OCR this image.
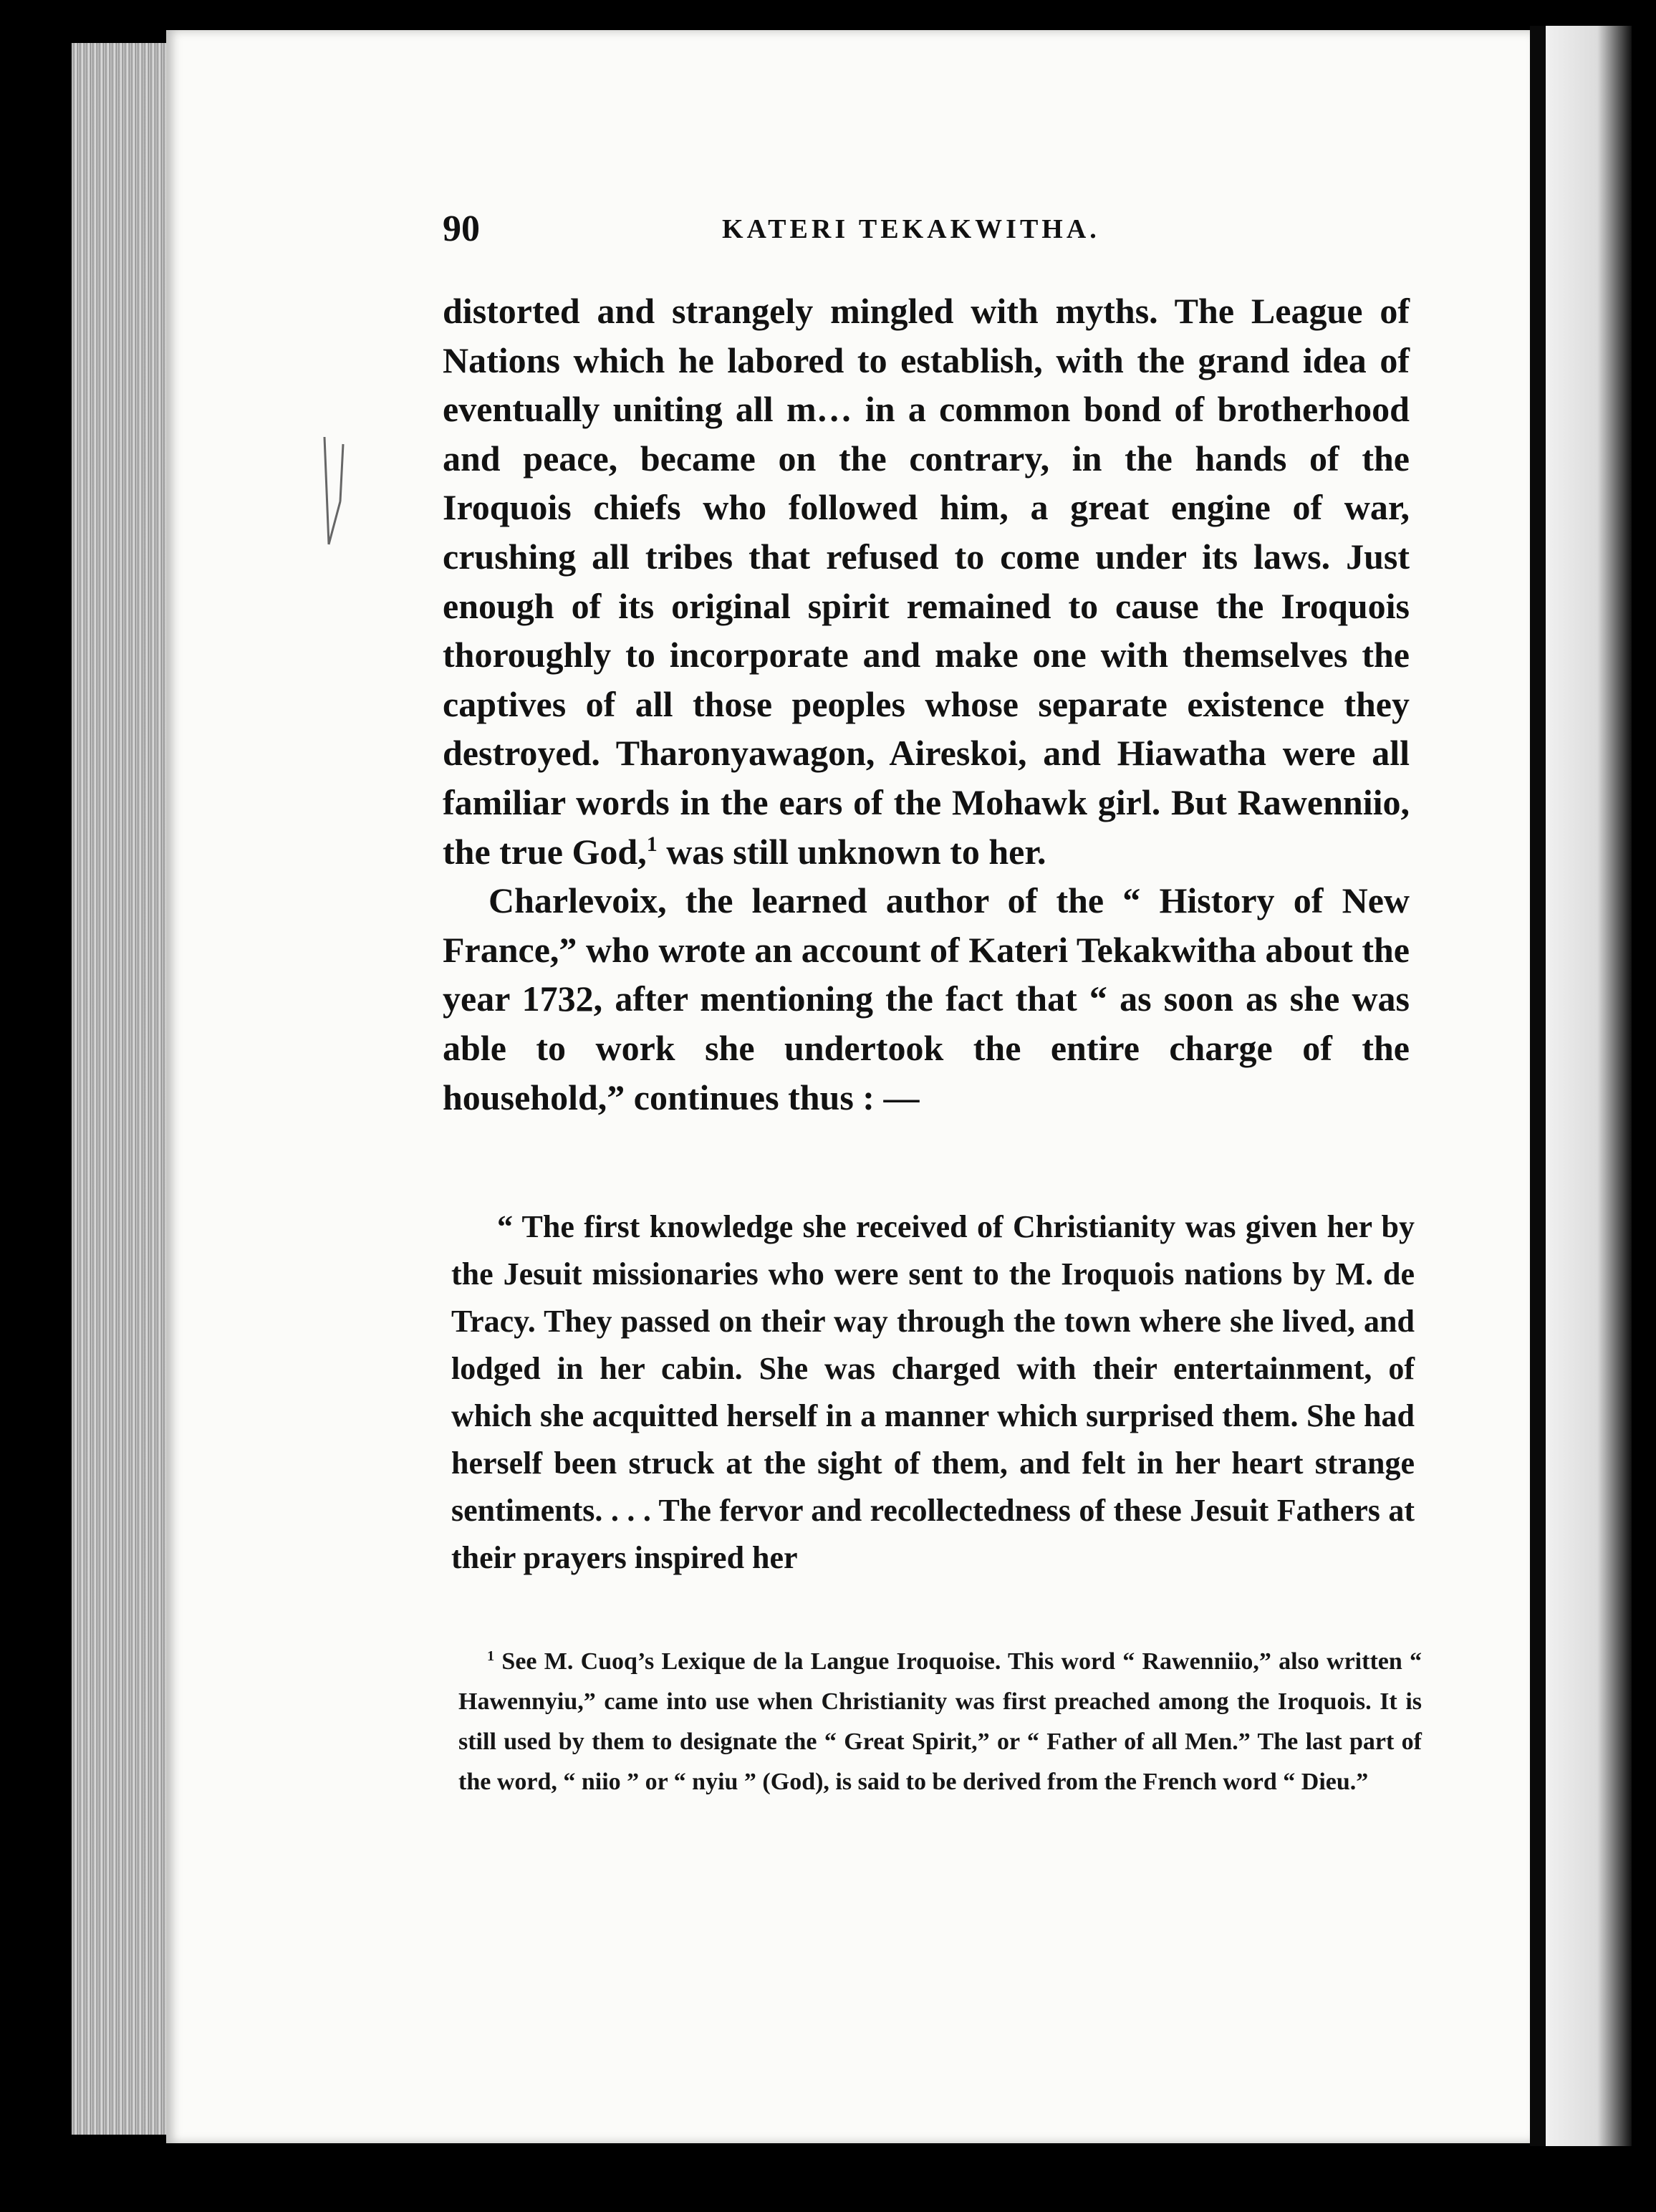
90	KATERI TEKAKWITHA.

distorted and strangely mingled with myths. The League of Nations which he labored to establish, with the grand idea of eventually uniting all m… in a common bond of brotherhood and peace, became on the contrary, in the hands of the Iroquois chiefs who followed him, a great engine of war, crushing all tribes that refused to come under its laws. Just enough of its original spirit remained to cause the Iroquois thoroughly to incorporate and make one with themselves the captives of all those peoples whose separate existence they destroyed. Tharonyawagon, Aireskoi, and Hiawatha were all familiar words in the ears of the Mohawk girl. But Rawenniio, the true God,$^1$ was still unknown to her.

Charlevoix, the learned author of the “ History of New France,” who wrote an account of Kateri Tekakwitha about the year 1732, after mentioning the fact that “ as soon as she was able to work she undertook the entire charge of the household,” continues thus : —

“ The first knowledge she received of Christianity was given her by the Jesuit missionaries who were sent to the Iroquois nations by M. de Tracy. They passed on their way through the town where she lived, and lodged in her cabin. She was charged with their entertainment, of which she acquitted herself in a manner which surprised them. She had herself been struck at the sight of them, and felt in her heart strange sentiments. . . . The fervor and recollectedness of these Jesuit Fathers at their prayers inspired her

$^1$ See M. Cuoq’s Lexique de la Langue Iroquoise. This word “ Rawenniio,” also written “ Hawennyiu,” came into use when Christianity was first preached among the Iroquois. It is still used by them to designate the “ Great Spirit,” or “ Father of all Men.” The last part of the word, “ niio ” or “ nyiu ” (God), is said to be derived from the French word “ Dieu.”
